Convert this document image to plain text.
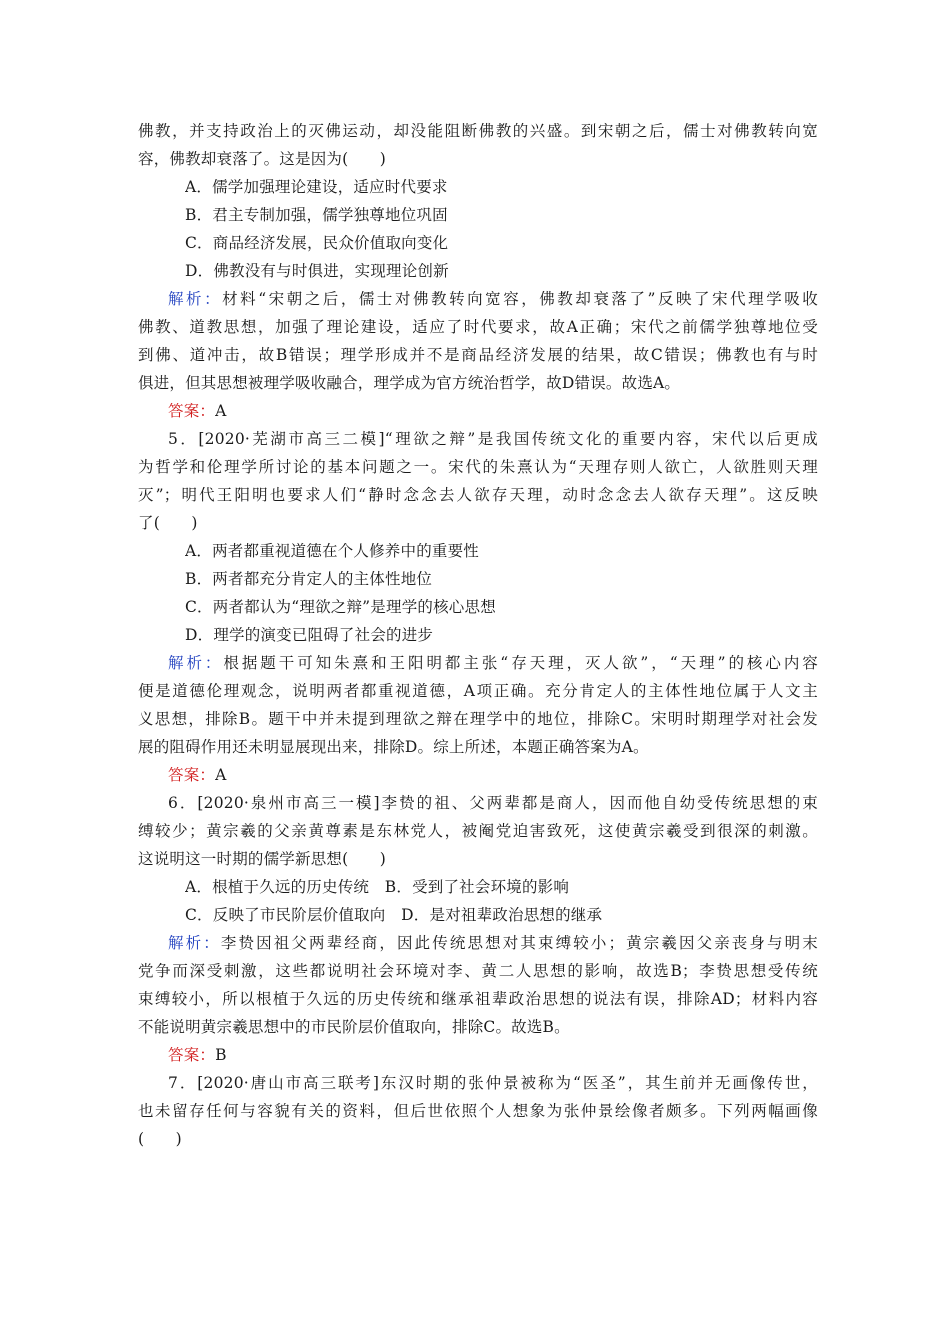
佛教，并支持政治上的灭佛运动，却没能阻断佛教的兴盛。到宋朝之后，儒士对佛教转向宽
容，佛教却衰落了。这是因为(　　)
A．儒学加强理论建设，适应时代要求
B．君主专制加强，儒学独尊地位巩固
C．商品经济发展，民众价值取向变化
D．佛教没有与时俱进，实现理论创新
解析：材料“宋朝之后，儒士对佛教转向宽容，佛教却衰落了”反映了宋代理学吸收
佛教、道教思想，加强了理论建设，适应了时代要求，故A正确；宋代之前儒学独尊地位受
到佛、道冲击，故B错误；理学形成并不是商品经济发展的结果，故C错误；佛教也有与时
俱进，但其思想被理学吸收融合，理学成为官方统治哲学，故D错误。故选A。
答案：A
5．[2020·芜湖市高三二模]“理欲之辩”是我国传统文化的重要内容，宋代以后更成
为哲学和伦理学所讨论的基本问题之一。宋代的朱熹认为“天理存则人欲亡，人欲胜则天理
灭”；明代王阳明也要求人们“静时念念去人欲存天理，动时念念去人欲存天理”。这反映
了(　　)
A．两者都重视道德在个人修养中的重要性
B．两者都充分肯定人的主体性地位
C．两者都认为“理欲之辩”是理学的核心思想
D．理学的演变已阻碍了社会的进步
解析：根据题干可知朱熹和王阳明都主张“存天理，灭人欲”，“天理”的核心内容
便是道德伦理观念，说明两者都重视道德，A项正确。充分肯定人的主体性地位属于人文主
义思想，排除B。题干中并未提到理欲之辩在理学中的地位，排除C。宋明时期理学对社会发
展的阻碍作用还未明显展现出来，排除D。综上所述，本题正确答案为A。
答案：A
6．[2020·泉州市高三一模]李贽的祖、父两辈都是商人，因而他自幼受传统思想的束
缚较少；黄宗羲的父亲黄尊素是东林党人，被阉党迫害致死，这使黄宗羲受到很深的刺激。
这说明这一时期的儒学新思想(　　)
A．根植于久远的历史传统　B．受到了社会环境的影响
C．反映了市民阶层价值取向　D．是对祖辈政治思想的继承
解析：李贽因祖父两辈经商，因此传统思想对其束缚较小；黄宗羲因父亲丧身与明末
党争而深受刺激，这些都说明社会环境对李、黄二人思想的影响，故选B；李贽思想受传统
束缚较小，所以根植于久远的历史传统和继承祖辈政治思想的说法有误，排除AD；材料内容
不能说明黄宗羲思想中的市民阶层价值取向，排除C。故选B。
答案：B
7．[2020·唐山市高三联考]东汉时期的张仲景被称为“医圣”，其生前并无画像传世，
也未留存任何与容貌有关的资料，但后世依照个人想象为张仲景绘像者颇多。下列两幅画像
(　　)
